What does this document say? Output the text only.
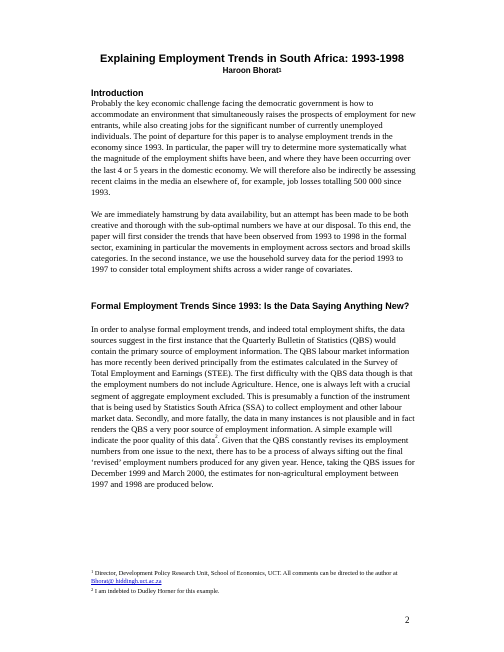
Explaining Employment Trends in South Africa: 1993-1998
Haroon Bhorat$^1$
Introduction

Probably the key economic challenge facing the democratic government is how to accommodate an environment that simultaneously raises the prospects of employment for new entrants, while also creating jobs for the significant number of currently unemployed individuals. The point of departure for this paper is to analyse employment trends in the economy since 1993. In particular, the paper will try to determine more systematically what the magnitude of the employment shifts have been, and where they have been occurring over the last 4 or 5 years in the domestic economy. We will therefore also be indirectly be assessing recent claims in the media an elsewhere of, for example, job losses totalling 500 000 since 1993.

We are immediately hamstrung by data availability, but an attempt has been made to be both creative and thorough with the sub-optimal numbers we have at our disposal. To this end, the paper will first consider the trends that have been observed from 1993 to 1998 in the formal sector, examining in particular the movements in employment across sectors and broad skills categories. In the second instance, we use the household survey data for the period 1993 to 1997 to consider total employment shifts across a wider range of covariates.

Formal Employment Trends Since 1993: Is the Data Saying Anything New?

In order to analyse formal employment trends, and indeed total employment shifts, the data sources suggest in the first instance that the Quarterly Bulletin of Statistics (QBS) would contain the primary source of employment information. The QBS labour market information has more recently been derived principally from the estimates calculated in the Survey of Total Employment and Earnings (STEE). The first difficulty with the QBS data though is that the employment numbers do not include Agriculture. Hence, one is always left with a crucial segment of aggregate employment excluded. This is presumably a function of the instrument that is being used by Statistics South Africa (SSA) to collect employment and other labour market data. Secondly, and more fatally, the data in many instances is not plausible and in fact renders the QBS a very poor source of employment information. A simple example will indicate the poor quality of this data$^2$. Given that the QBS constantly revises its employment numbers from one issue to the next, there has to be a process of always sifting out the final ‘revised’ employment numbers produced for any given year. Hence, taking the QBS issues for December 1999 and March 2000, the estimates for non-agricultural employment between 1997 and 1998 are produced below.

$^1$ Director, Development Policy Research Unit, School of Economics, UCT. All comments can be directed to the author at Bhorat@ hiddingh.uct.ac.za
$^2$ I am indebted to Dudley Horner for this example.
2
